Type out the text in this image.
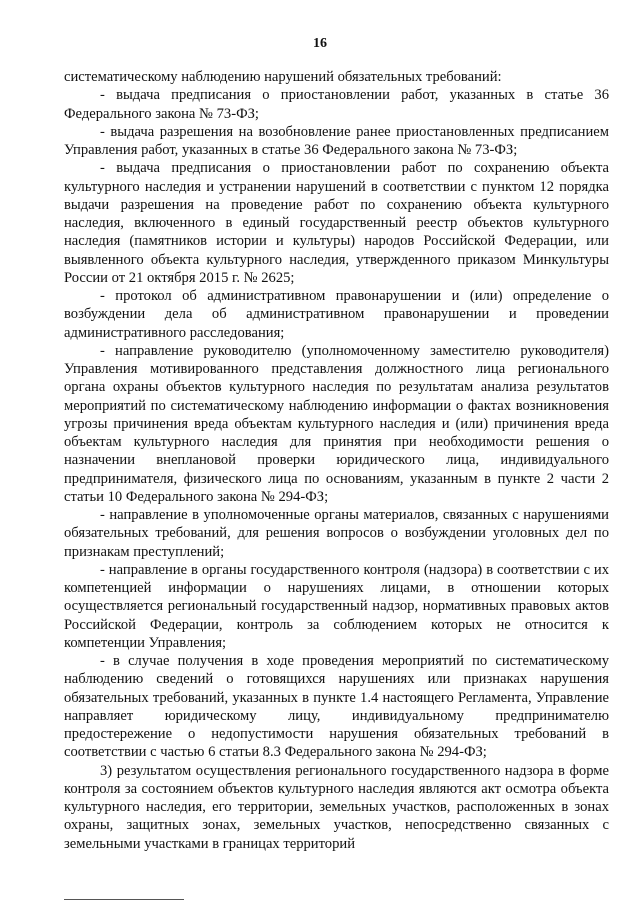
16

систематическому наблюдению нарушений обязательных требований:

- выдача предписания о приостановлении работ, указанных в статье 36 Федерального закона № 73-ФЗ;

- выдача разрешения на возобновление ранее приостановленных предписанием Управления работ, указанных в статье 36 Федерального закона № 73-ФЗ;

- выдача предписания о приостановлении работ по сохранению объекта культурного наследия и устранении нарушений в соответствии с пунктом 12 порядка выдачи разрешения на проведение работ по сохранению объекта культурного наследия, включенного в единый государственный реестр объектов культурного наследия (памятников истории и культуры) народов Российской Федерации, или выявленного объекта культурного наследия, утвержденного приказом Минкультуры России от 21 октября 2015 г. № 2625;

- протокол об административном правонарушении и (или) определение о возбуждении дела об административном правонарушении и проведении административного расследования;

- направление руководителю (уполномоченному заместителю руководителя) Управления мотивированного представления должностного лица регионального органа охраны объектов культурного наследия по результатам анализа результатов мероприятий по систематическому наблюдению информации о фактах возникновения угрозы причинения вреда объектам культурного наследия и (или) причинения вреда объектам культурного наследия для принятия при необходимости решения о назначении внеплановой проверки юридического лица, индивидуального предпринимателя, физического лица по основаниям, указанным в пункте 2 части 2 статьи 10 Федерального закона № 294-ФЗ;

- направление в уполномоченные органы материалов, связанных с нарушениями обязательных требований, для решения вопросов о возбуждении уголовных дел по признакам преступлений;

- направление в органы государственного контроля (надзора) в соответствии с их компетенцией информации о нарушениях лицами, в отношении которых осуществляется региональный государственный надзор, нормативных правовых актов Российской Федерации, контроль за соблюдением которых не относится к компетенции Управления;

- в случае получения в ходе проведения мероприятий по систематическому наблюдению сведений о готовящихся нарушениях или признаках нарушения обязательных требований, указанных в пункте 1.4 настоящего Регламента, Управление направляет юридическому лицу, индивидуальному предпринимателю предостережение о недопустимости нарушения обязательных требований в соответствии с частью 6 статьи 8.3 Федерального закона № 294-ФЗ;

3) результатом осуществления регионального государственного надзора в форме контроля за состоянием объектов культурного наследия являются акт осмотра объекта культурного наследия, его территории, земельных участков, расположенных в зонах охраны, защитных зонах, земельных участков, непосредственно связанных с земельными участками в границах территорий
